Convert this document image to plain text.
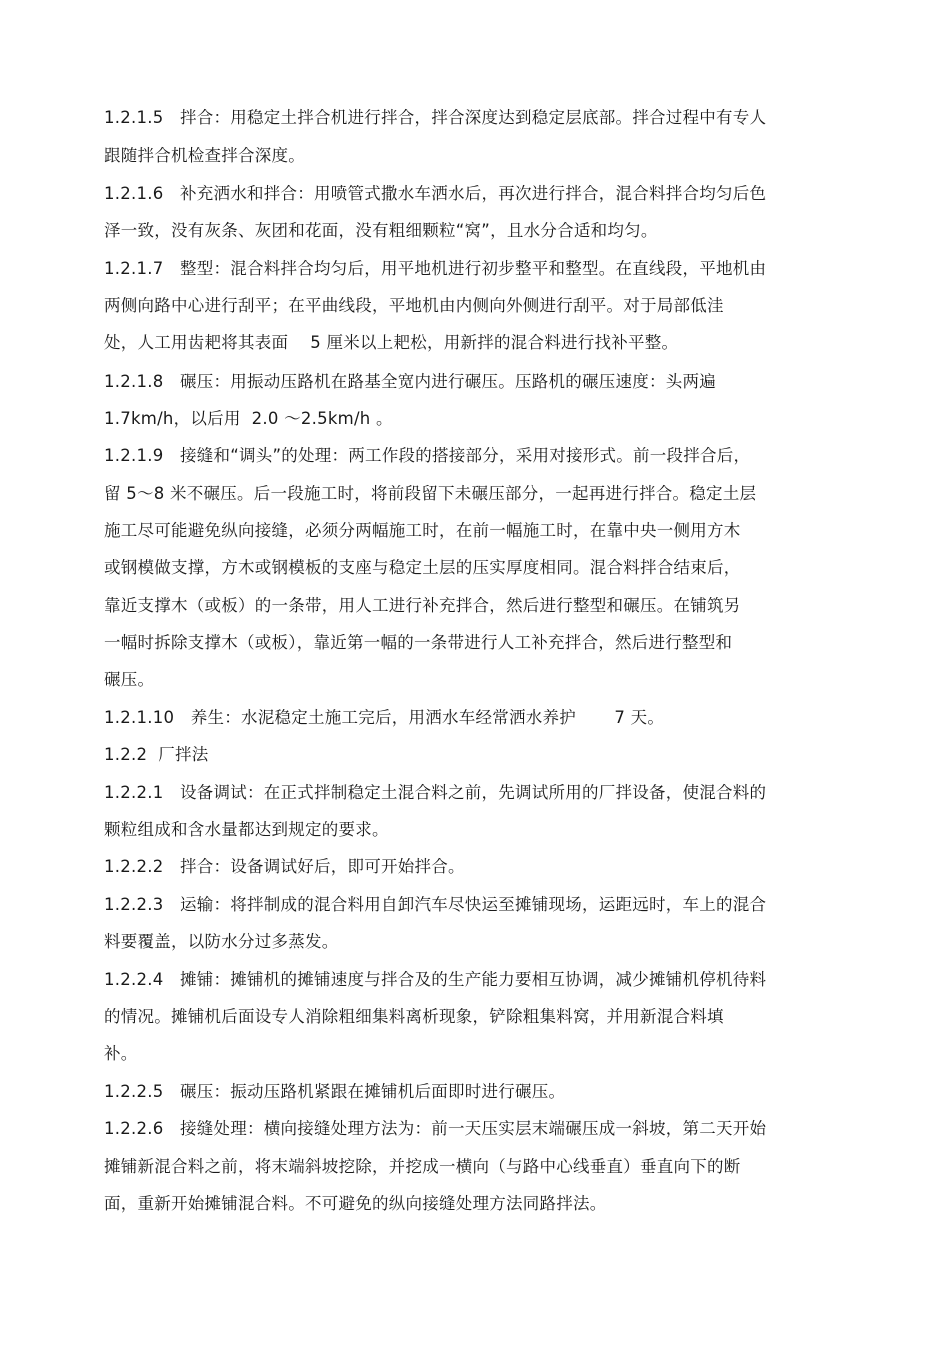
1.2.1.5   拌合：用稳定土拌合机进行拌合，拌合深度达到稳定层底部。拌合过程中有专人
跟随拌合机检查拌合深度。
1.2.1.6   补充洒水和拌合：用喷管式撒水车洒水后，再次进行拌合，混合料拌合均匀后色
泽一致，没有灰条、灰团和花面，没有粗细颗粒“窝”，且水分合适和均匀。
1.2.1.7   整型：混合料拌合均匀后，用平地机进行初步整平和整型。在直线段，平地机由
两侧向路中心进行刮平；在平曲线段，平地机由内侧向外侧进行刮平。对于局部低洼
处，人工用齿耙将其表面    5 厘米以上耙松，用新拌的混合料进行找补平整。
1.2.1.8   碾压：用振动压路机在路基全宽内进行碾压。压路机的碾压速度：头两遍
1.7km/h，以后用  2.0 ～2.5km/h 。
1.2.1.9   接缝和“调头”的处理：两工作段的搭接部分，采用对接形式。前一段拌合后，
留 5～8 米不碾压。后一段施工时，将前段留下未碾压部分，一起再进行拌合。稳定土层
施工尽可能避免纵向接缝，必须分两幅施工时，在前一幅施工时，在靠中央一侧用方木
或钢模做支撑，方木或钢模板的支座与稳定土层的压实厚度相同。混合料拌合结束后，
靠近支撑木（或板）的一条带，用人工进行补充拌合，然后进行整型和碾压。在铺筑另
一幅时拆除支撑木（或板），靠近第一幅的一条带进行人工补充拌合，然后进行整型和
碾压。
1.2.1.10   养生：水泥稳定土施工完后，用洒水车经常洒水养护       7 天。
1.2.2  厂拌法
1.2.2.1   设备调试：在正式拌制稳定土混合料之前，先调试所用的厂拌设备，使混合料的
颗粒组成和含水量都达到规定的要求。
1.2.2.2   拌合：设备调试好后，即可开始拌合。
1.2.2.3   运输：将拌制成的混合料用自卸汽车尽快运至摊铺现场，运距远时，车上的混合
料要覆盖，以防水分过多蒸发。
1.2.2.4   摊铺：摊铺机的摊铺速度与拌合及的生产能力要相互协调，减少摊铺机停机待料
的情况。摊铺机后面设专人消除粗细集料离析现象，铲除粗集料窝，并用新混合料填
补。
1.2.2.5   碾压：振动压路机紧跟在摊铺机后面即时进行碾压。
1.2.2.6   接缝处理：横向接缝处理方法为：前一天压实层末端碾压成一斜坡，第二天开始
摊铺新混合料之前，将末端斜坡挖除，并挖成一横向（与路中心线垂直）垂直向下的断
面，重新开始摊铺混合料。不可避免的纵向接缝处理方法同路拌法。
